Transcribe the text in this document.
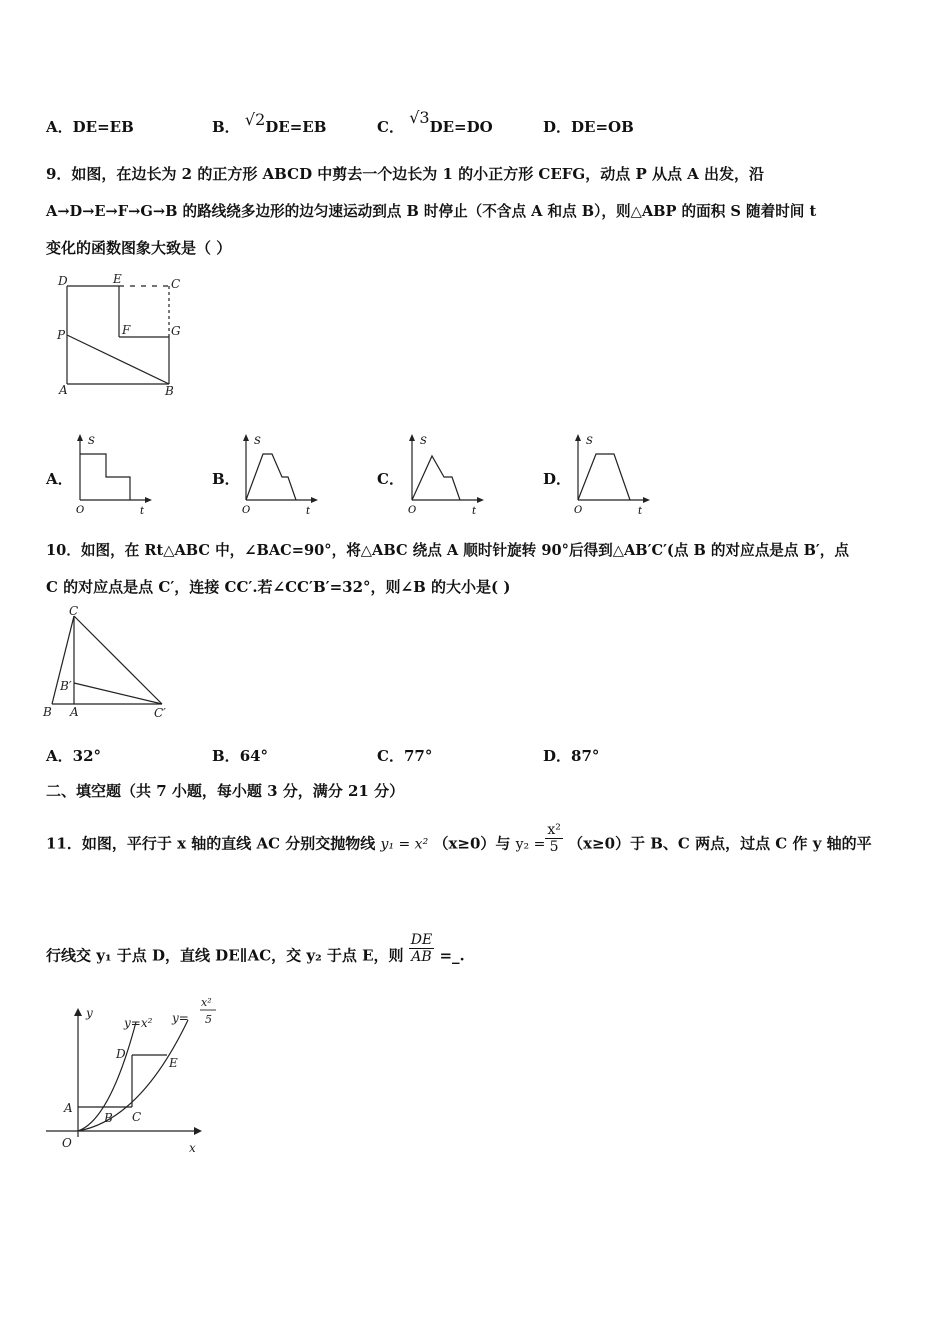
A．DE=EB	B． √2DE=EB	C． √3DE=DO	D．DE=OB
9．如图，在边长为 2 的正方形 ABCD 中剪去一个边长为 1 的小正方形 CEFG，动点 P 从点 A 出发，沿
A→D→E→F→G→B 的路线绕多边形的边匀速运动到点 B 时停止（不含点 A 和点 B），则△ABP 的面积 S 随着时间 t
变化的函数图象大致是（ ）
D	E	C
P	F	G
A	B
A．
S
O	t
B．
S
O	t
C．
S
O	t
D．
S
O	t
10．如图，在 Rt△ABC 中，∠BAC=90°，将△ABC 绕点 A 顺时针旋转 90°后得到△AB′C′(点 B 的对应点是点 B′，点
C 的对应点是点 C′，连接 CC′.若∠CC′B′=32°，则∠B 的大小是( )
C
B′
B A	C′
A．32°	B．64°	C．77°	D．87°
二、填空题（共 7 小题，每小题 3 分，满分 21 分）
11．如图，平行于 x 轴的直线 AC 分别交抛物线 y₁ = x² （x≥0）与 $y_2 = \frac{\text{x²}}{5} (x\ge 0)$于 B、C 两点，过点 C 作 y 轴的平
行线交 y₁ 于点 D，直线 DE∥AC，交 y₂ 于点 E，则 $\frac{DE}{AB}$ =_.
y
y=x² y=
x²
5
D
E
A
B C
O	x
